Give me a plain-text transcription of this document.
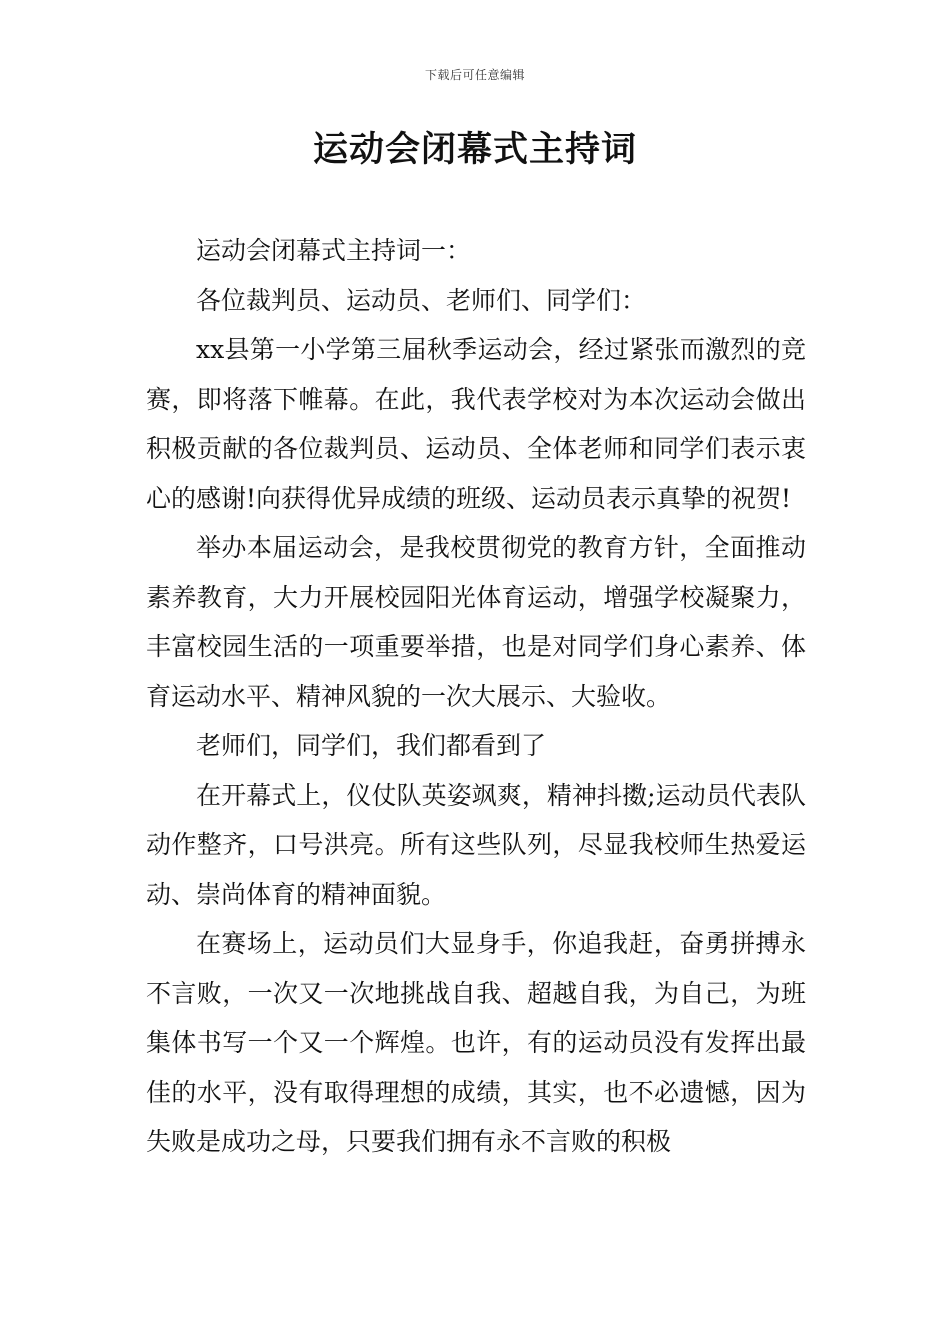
下载后可任意编辑
运动会闭幕式主持词

运动会闭幕式主持词一：

各位裁判员、运动员、老师们、同学们：

xx县第一小学第三届秋季运动会，经过紧张而激烈的竞赛，即将落下帷幕。在此，我代表学校对为本次运动会做出积极贡献的各位裁判员、运动员、全体老师和同学们表示衷心的感谢!向获得优异成绩的班级、运动员表示真挚的祝贺!

举办本届运动会，是我校贯彻党的教育方针，全面推动素养教育，大力开展校园阳光体育运动，增强学校凝聚力，丰富校园生活的一项重要举措，也是对同学们身心素养、体育运动水平、精神风貌的一次大展示、大验收。

老师们，同学们，我们都看到了

在开幕式上，仪仗队英姿飒爽，精神抖擞;运动员代表队动作整齐，口号洪亮。所有这些队列，尽显我校师生热爱运动、崇尚体育的精神面貌。

在赛场上，运动员们大显身手，你追我赶，奋勇拼搏永不言败，一次又一次地挑战自我、超越自我，为自己，为班集体书写一个又一个辉煌。也许，有的运动员没有发挥出最佳的水平，没有取得理想的成绩，其实，也不必遗憾，因为失败是成功之母，只要我们拥有永不言败的积极
